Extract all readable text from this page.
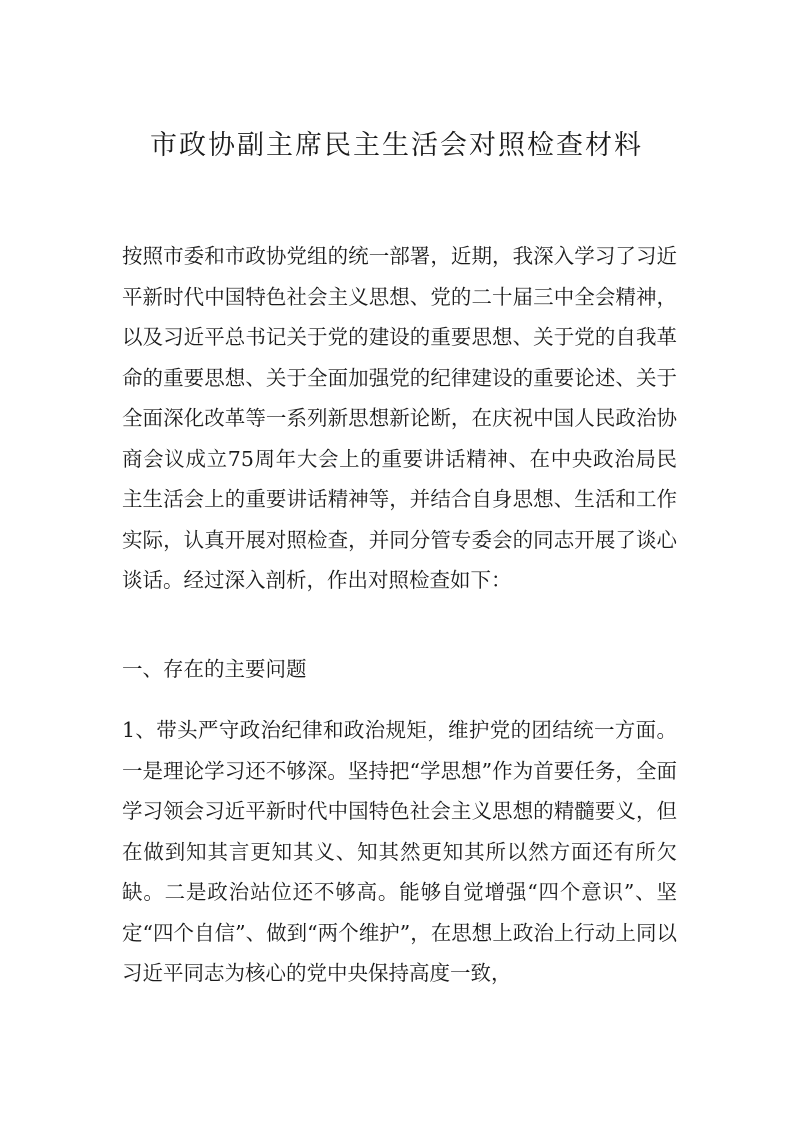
市政协副主席民主生活会对照检查材料

按照市委和市政协党组的统一部署，近期，我深入学习了习近平新时代中国特色社会主义思想、党的二十届三中全会精神，以及习近平总书记关于党的建设的重要思想、关于党的自我革命的重要思想、关于全面加强党的纪律建设的重要论述、关于全面深化改革等一系列新思想新论断，在庆祝中国人民政治协商会议成立75周年大会上的重要讲话精神、在中央政治局民主生活会上的重要讲话精神等，并结合自身思想、生活和工作实际，认真开展对照检查，并同分管专委会的同志开展了谈心谈话。经过深入剖析，作出对照检查如下：

一、存在的主要问题

1、带头严守政治纪律和政治规矩，维护党的团结统一方面。一是理论学习还不够深。坚持把“学思想”作为首要任务，全面学习领会习近平新时代中国特色社会主义思想的精髓要义，但在做到知其言更知其义、知其然更知其所以然方面还有所欠缺。二是政治站位还不够高。能够自觉增强“四个意识”、坚定“四个自信”、做到“两个维护”，在思想上政治上行动上同以习近平同志为核心的党中央保持高度一致，
